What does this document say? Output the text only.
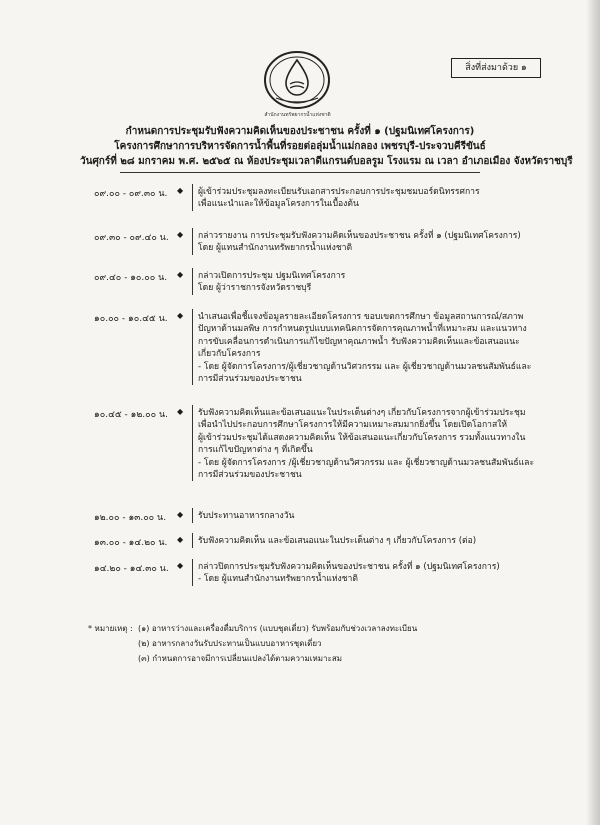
สิ่งที่ส่งมาด้วย ๑
สำนักงานทรัพยากรน้ำแห่งชาติ
กำหนดการประชุมรับฟังความคิดเห็นของประชาชน ครั้งที่ ๑ (ปฐมนิเทศโครงการ)
โครงการศึกษาการบริหารจัดการน้ำพื้นที่รอยต่อลุ่มน้ำแม่กลอง เพชรบุรี-ประจวบคีรีขันธ์
วันศุกร์ที่ ๒๘ มกราคม พ.ศ. ๒๕๖๕ ณ ห้องประชุมเวลาดีแกรนด์บอลรูม โรงแรม ณ เวลา อำเภอเมือง จังหวัดราชบุรี
๐๙.๐๐ - ๐๙.๓๐ น.	◆ ผู้เข้าร่วมประชุมลงทะเบียนรับเอกสารประกอบการประชุมชมบอร์ดนิทรรศการ
เพื่อแนะนำและให้ข้อมูลโครงการในเบื้องต้น
๐๙.๓๐ - ๐๙.๔๐ น.	◆ กล่าวรายงาน การประชุมรับฟังความคิดเห็นของประชาชน ครั้งที่ ๑ (ปฐมนิเทศโครงการ)
โดย ผู้แทนสำนักงานทรัพยากรน้ำแห่งชาติ
๐๙.๔๐ - ๑๐.๐๐ น.	◆ กล่าวเปิดการประชุม ปฐมนิเทศโครงการ
โดย ผู้ว่าราชการจังหวัดราชบุรี
๑๐.๐๐ - ๑๐.๔๕ น.	◆ นำเสนอเพื่อชี้แจงข้อมูลรายละเอียดโครงการ ขอบเขตการศึกษา ข้อมูลสถานการณ์/สภาพ
ปัญหาด้านมลพิษ การกำหนดรูปแบบเทคนิคการจัดการคุณภาพน้ำที่เหมาะสม และแนวทาง
การขับเคลื่อนการดำเนินการแก้ไขปัญหาคุณภาพน้ำ รับฟังความคิดเห็นและข้อเสนอแนะ
เกี่ยวกับโครงการ
- โดย ผู้จัดการโครงการ/ผู้เชี่ยวชาญด้านวิศวกรรม และ ผู้เชี่ยวชาญด้านมวลชนสัมพันธ์และ
การมีส่วนร่วมของประชาชน
๑๐.๔๕ - ๑๒.๐๐ น.	◆ รับฟังความคิดเห็นและข้อเสนอแนะในประเด็นต่างๆ เกี่ยวกับโครงการจากผู้เข้าร่วมประชุม
เพื่อนำไปประกอบการศึกษาโครงการให้มีความเหมาะสมมากยิ่งขึ้น โดยเปิดโอกาสให้
ผู้เข้าร่วมประชุมได้แสดงความคิดเห็น ให้ข้อเสนอแนะเกี่ยวกับโครงการ รวมทั้งแนวทางใน
การแก้ไขปัญหาต่าง ๆ ที่เกิดขึ้น
- โดย ผู้จัดการโครงการ /ผู้เชี่ยวชาญด้านวิศวกรรม และ ผู้เชี่ยวชาญด้านมวลชนสัมพันธ์และ
การมีส่วนร่วมของประชาชน
๑๒.๐๐ - ๑๓.๐๐ น.	◆ รับประทานอาหารกลางวัน
๑๓.๐๐ - ๑๔.๒๐ น.	◆ รับฟังความคิดเห็น และข้อเสนอแนะในประเด็นต่าง ๆ เกี่ยวกับโครงการ (ต่อ)
๑๔.๒๐ - ๑๔.๓๐ น.	◆ กล่าวปิดการประชุมรับฟังความคิดเห็นของประชาชน ครั้งที่ ๑ (ปฐมนิเทศโครงการ)
- โดย ผู้แทนสำนักงานทรัพยากรน้ำแห่งชาติ
* หมายเหตุ : (๑) อาหารว่างและเครื่องดื่มบริการ (แบบชุดเดี่ยว) รับพร้อมกับช่วงเวลาลงทะเบียน
(๒) อาหารกลางวันรับประทานเป็นแบบอาหารชุดเดี่ยว
(๓) กำหนดการอาจมีการเปลี่ยนแปลงได้ตามความเหมาะสม
